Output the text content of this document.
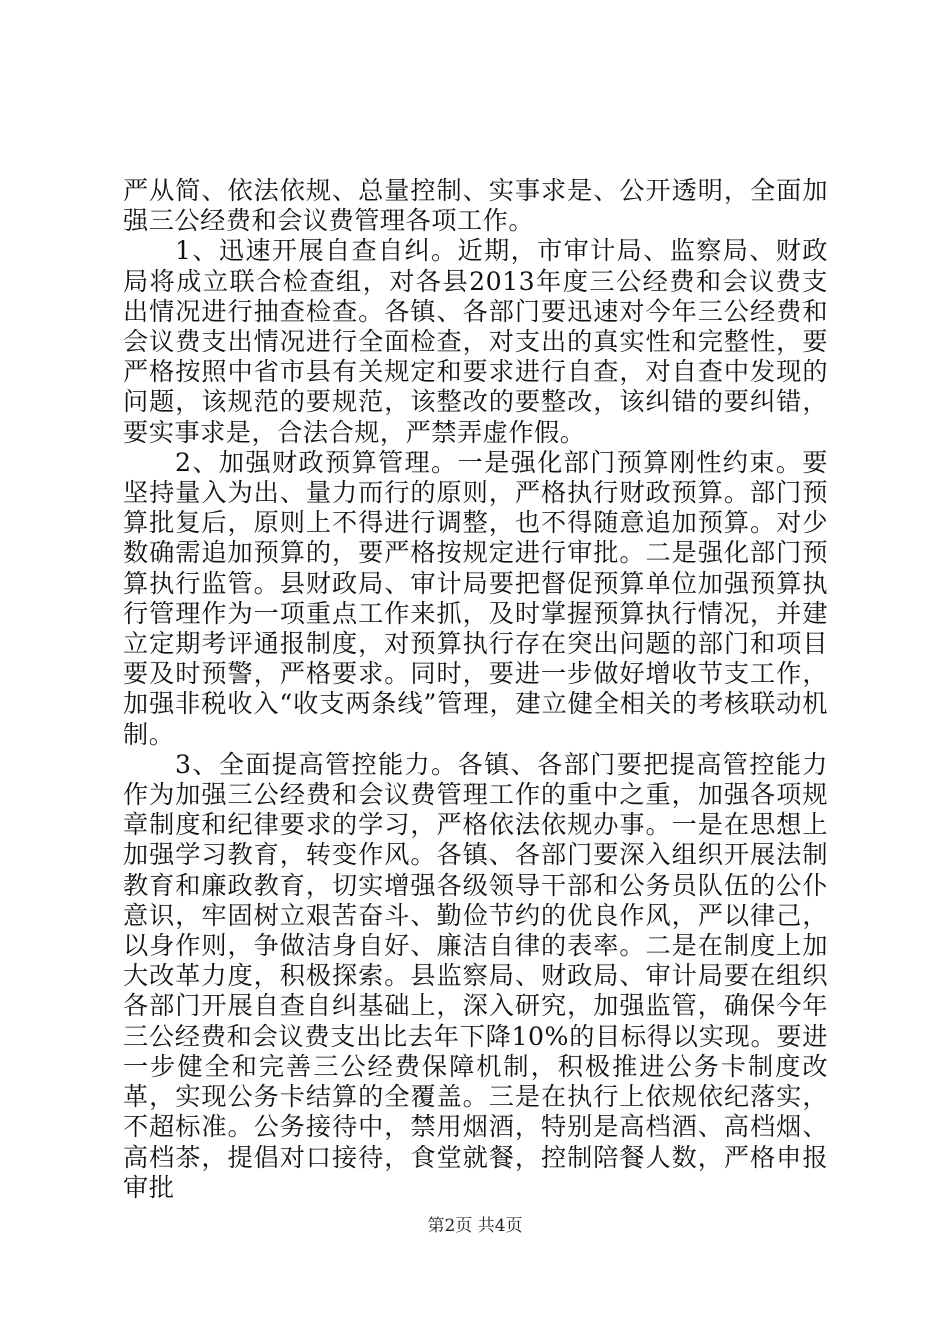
严从简、依法依规、总量控制、实事求是、公开透明，全面加强三公经费和会议费管理各项工作。

1、迅速开展自查自纠。近期，市审计局、监察局、财政局将成立联合检查组，对各县2013年度三公经费和会议费支出情况进行抽查检查。各镇、各部门要迅速对今年三公经费和会议费支出情况进行全面检查，对支出的真实性和完整性，要严格按照中省市县有关规定和要求进行自查，对自查中发现的问题，该规范的要规范，该整改的要整改，该纠错的要纠错，要实事求是，合法合规，严禁弄虚作假。

2、加强财政预算管理。一是强化部门预算刚性约束。要坚持量入为出、量力而行的原则，严格执行财政预算。部门预算批复后，原则上不得进行调整，也不得随意追加预算。对少数确需追加预算的，要严格按规定进行审批。二是强化部门预算执行监管。县财政局、审计局要把督促预算单位加强预算执行管理作为一项重点工作来抓，及时掌握预算执行情况，并建立定期考评通报制度，对预算执行存在突出问题的部门和项目要及时预警，严格要求。同时，要进一步做好增收节支工作，加强非税收入“收支两条线”管理，建立健全相关的考核联动机制。

3、全面提高管控能力。各镇、各部门要把提高管控能力作为加强三公经费和会议费管理工作的重中之重，加强各项规章制度和纪律要求的学习，严格依法依规办事。一是在思想上加强学习教育，转变作风。各镇、各部门要深入组织开展法制教育和廉政教育，切实增强各级领导干部和公务员队伍的公仆意识，牢固树立艰苦奋斗、勤俭节约的优良作风，严以律己，以身作则，争做洁身自好、廉洁自律的表率。二是在制度上加大改革力度，积极探索。县监察局、财政局、审计局要在组织各部门开展自查自纠基础上，深入研究，加强监管，确保今年三公经费和会议费支出比去年下降10%的目标得以实现。要进一步健全和完善三公经费保障机制，积极推进公务卡制度改革，实现公务卡结算的全覆盖。三是在执行上依规依纪落实，不超标准。公务接待中，禁用烟酒，特别是高档酒、高档烟、高档茶，提倡对口接待，食堂就餐，控制陪餐人数，严格申报审批

第2页 共4页
